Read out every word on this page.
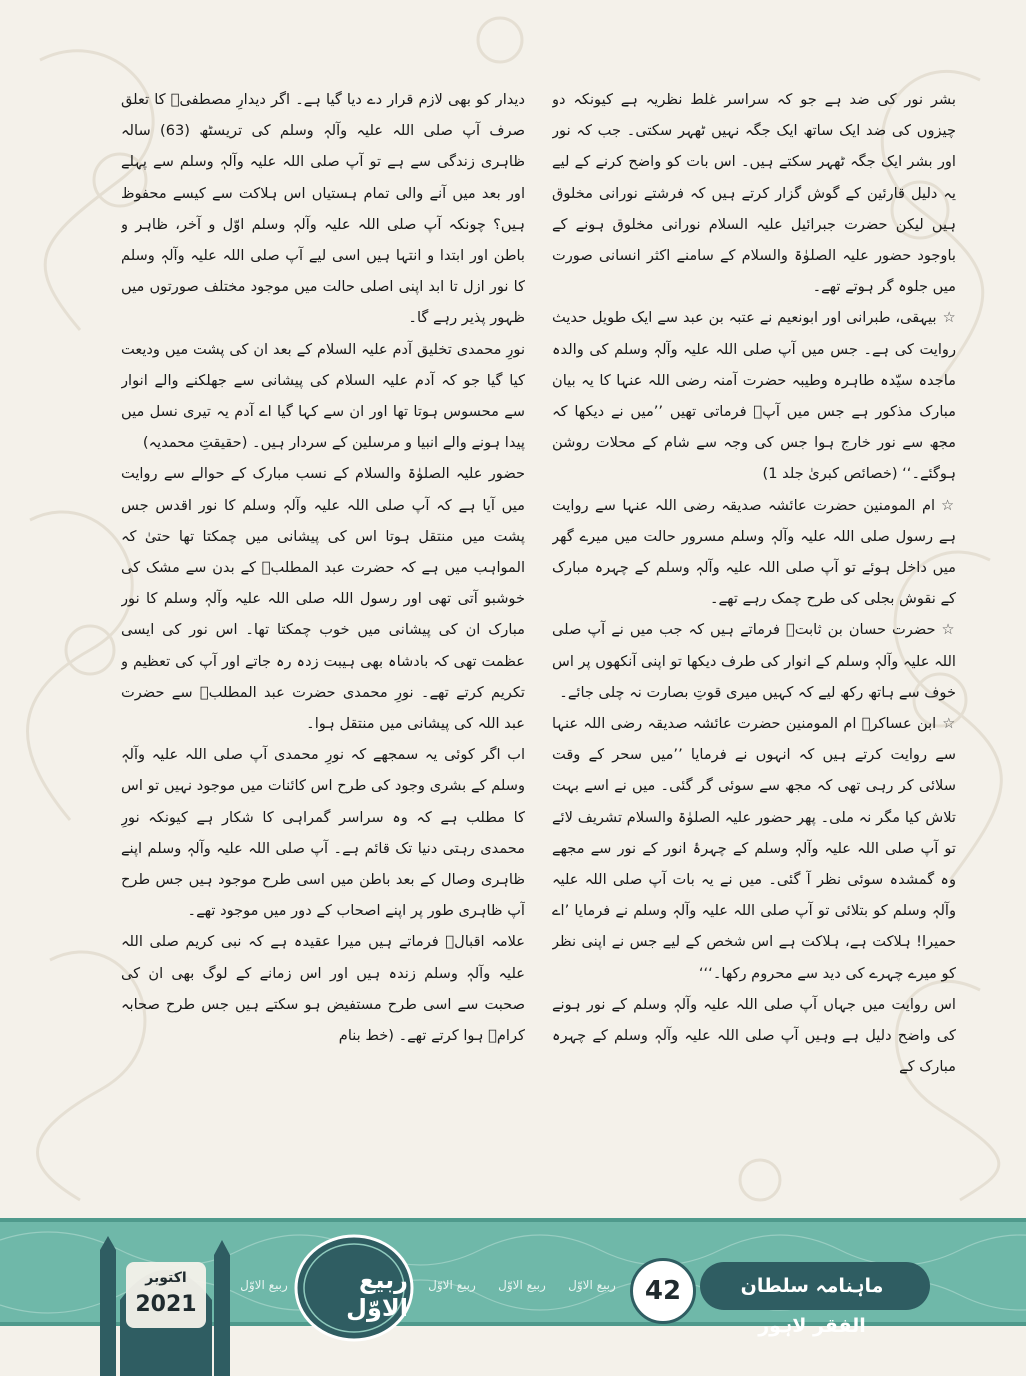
بشر نور کی ضد ہے جو کہ سراسر غلط نظریہ ہے کیونکہ دو چیزوں کی ضد ایک ساتھ ایک جگہ نہیں ٹھہر سکتی۔ جب کہ نور اور بشر ایک جگہ ٹھہر سکتے ہیں۔ اس بات کو واضح کرنے کے لیے یہ دلیل قارئین کے گوش گزار کرتے ہیں کہ فرشتے نورانی مخلوق ہیں لیکن حضرت جبرائیل علیہ السلام نورانی مخلوق ہونے کے باوجود حضور علیہ الصلوٰۃ والسلام کے سامنے اکثر انسانی صورت میں جلوہ گر ہوتے تھے۔

☆بیہقی، طبرانی اور ابونعیم نے عتبہ بن عبد سے ایک طویل حدیث روایت کی ہے۔ جس میں آپ صلی اللہ علیہ وآلہٖ وسلم کی والدہ ماجدہ سیّدہ طاہرہ وطیبہ حضرت آمنہ رضی اللہ عنہا کا یہ بیان مبارک مذکور ہے جس میں آپؓ فرماتی تھیں ’’میں نے دیکھا کہ مجھ سے نور خارج ہوا جس کی وجہ سے شام کے محلات روشن ہوگئے۔‘‘ (خصائص کبریٰ جلد 1)

☆ام المومنین حضرت عائشہ صدیقہ رضی اللہ عنہا سے روایت ہے رسول صلی اللہ علیہ وآلہٖ وسلم مسرور حالت میں میرے گھر میں داخل ہوئے تو آپ صلی اللہ علیہ وآلہٖ وسلم کے چہرہ مبارک کے نقوش بجلی کی طرح چمک رہے تھے۔

☆حضرت حسان بن ثابتؓ فرماتے ہیں کہ جب میں نے آپ صلی اللہ علیہ وآلہٖ وسلم کے انوار کی طرف دیکھا تو اپنی آنکھوں پر اس خوف سے ہاتھ رکھ لیے کہ کہیں میری قوتِ بصارت نہ چلی جائے۔

☆ابن عساکرؒ ام المومنین حضرت عائشہ صدیقہ رضی اللہ عنہا سے روایت کرتے ہیں کہ انہوں نے فرمایا ’’میں سحر کے وقت سلائی کر رہی تھی کہ مجھ سے سوئی گر گئی۔ میں نے اسے بہت تلاش کیا مگر نہ ملی۔ پھر حضور علیہ الصلوٰۃ والسلام تشریف لائے تو آپ صلی اللہ علیہ وآلہٖ وسلم کے چہرۂ انور کے نور سے مجھے وہ گمشدہ سوئی نظر آ گئی۔ میں نے یہ بات آپ صلی اللہ علیہ وآلہٖ وسلم کو بتلائی تو آپ صلی اللہ علیہ وآلہٖ وسلم نے فرمایا ’اے حمیرا! ہلاکت ہے، ہلاکت ہے اس شخص کے لیے جس نے اپنی نظر کو میرے چہرے کی دید سے محروم رکھا۔‘‘‘

اس روایت میں جہاں آپ صلی اللہ علیہ وآلہٖ وسلم کے نور ہونے کی واضح دلیل ہے وہیں آپ صلی اللہ علیہ وآلہٖ وسلم کے چہرہ مبارک کے

دیدار کو بھی لازم قرار دے دیا گیا ہے۔ اگر دیدارِ مصطفیؐ کا تعلق صرف آپ صلی اللہ علیہ وآلہٖ وسلم کی تریسٹھ (63) سالہ ظاہری زندگی سے ہے تو آپ صلی اللہ علیہ وآلہٖ وسلم سے پہلے اور بعد میں آنے والی تمام ہستیاں اس ہلاکت سے کیسے محفوظ ہیں؟ چونکہ آپ صلی اللہ علیہ وآلہٖ وسلم اوّل و آخر، ظاہر و باطن اور ابتدا و انتہا ہیں اسی لیے آپ صلی اللہ علیہ وآلہٖ وسلم کا نور ازل تا ابد اپنی اصلی حالت میں موجود مختلف صورتوں میں ظہور پذیر رہے گا۔

نورِ محمدی تخلیق آدم علیہ السلام کے بعد ان کی پشت میں ودیعت کیا گیا جو کہ آدم علیہ السلام کی پیشانی سے جھلکنے والے انوار سے محسوس ہوتا تھا اور ان سے کہا گیا اے آدم یہ تیری نسل میں پیدا ہونے والے انبیا و مرسلین کے سردار ہیں۔ (حقیقتِ محمدیہ)

حضور علیہ الصلوٰۃ والسلام کے نسب مبارک کے حوالے سے روایت میں آیا ہے کہ آپ صلی اللہ علیہ وآلہٖ وسلم کا نور اقدس جس پشت میں منتقل ہوتا اس کی پیشانی میں چمکتا تھا حتیٰ کہ المواہب میں ہے کہ حضرت عبد المطلبؓ کے بدن سے مشک کی خوشبو آتی تھی اور رسول اللہ صلی اللہ علیہ وآلہٖ وسلم کا نور مبارک ان کی پیشانی میں خوب چمکتا تھا۔ اس نور کی ایسی عظمت تھی کہ بادشاہ بھی ہیبت زدہ رہ جاتے اور آپ کی تعظیم و تکریم کرتے تھے۔ نورِ محمدی حضرت عبد المطلبؓ سے حضرت عبد اللہ کی پیشانی میں منتقل ہوا۔

اب اگر کوئی یہ سمجھے کہ نورِ محمدی آپ صلی اللہ علیہ وآلہٖ وسلم کے بشری وجود کی طرح اس کائنات میں موجود نہیں تو اس کا مطلب ہے کہ وہ سراسر گمراہی کا شکار ہے کیونکہ نورِ محمدی رہتی دنیا تک قائم ہے۔ آپ صلی اللہ علیہ وآلہٖ وسلم اپنے ظاہری وصال کے بعد باطن میں اسی طرح موجود ہیں جس طرح آپ ظاہری طور پر اپنے اصحاب کے دور میں موجود تھے۔

علامہ اقبالؒ فرماتے ہیں میرا عقیدہ ہے کہ نبی کریم صلی اللہ علیہ وآلہٖ وسلم زندہ ہیں اور اس زمانے کے لوگ بھی ان کی صحبت سے اسی طرح مستفیض ہو سکتے ہیں جس طرح صحابہ کرامؓ ہوا کرتے تھے۔ (خط بنام

42	ماہنامہ سلطان الفقر لاہور
ربیع الاوّل
ربیع الاوّل
ربیع الاوّل
ربیع الاوّل
ربیع الاوّل
اکتوبر
2021
